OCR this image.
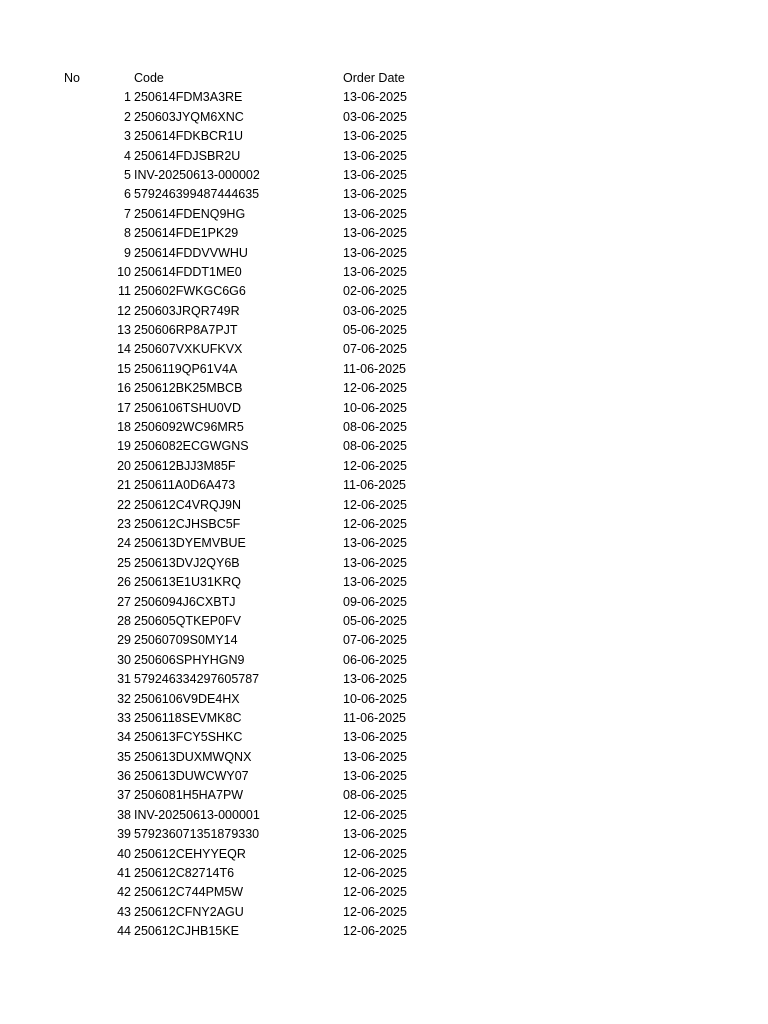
No	Code	Order Date
1 250614FDM3A3RE	13-06-2025
2 250603JYQM6XNC	03-06-2025
3 250614FDKBCR1U	13-06-2025
4 250614FDJSBR2U	13-06-2025
5 INV-20250613-000002	13-06-2025
6 579246399487444635	13-06-2025
7 250614FDENQ9HG	13-06-2025
8 250614FDE1PK29	13-06-2025
9 250614FDDVVWHU	13-06-2025
10 250614FDDT1ME0	13-06-2025
11 250602FWKGC6G6	02-06-2025
12 250603JRQR749R	03-06-2025
13 250606RP8A7PJT	05-06-2025
14 250607VXKUFKVX	07-06-2025
15 2506119QP61V4A	11-06-2025
16 250612BK25MBCB	12-06-2025
17 2506106TSHU0VD	10-06-2025
18 2506092WC96MR5	08-06-2025
19 2506082ECGWGNS	08-06-2025
20 250612BJJ3M85F	12-06-2025
21 250611A0D6A473	11-06-2025
22 250612C4VRQJ9N	12-06-2025
23 250612CJHSBC5F	12-06-2025
24 250613DYEMVBUE	13-06-2025
25 250613DVJ2QY6B	13-06-2025
26 250613E1U31KRQ	13-06-2025
27 2506094J6CXBTJ	09-06-2025
28 250605QTKEP0FV	05-06-2025
29 25060709S0MY14	07-06-2025
30 250606SPHYHGN9	06-06-2025
31 579246334297605787	13-06-2025
32 2506106V9DE4HX	10-06-2025
33 2506118SEVMK8C	11-06-2025
34 250613FCY5SHKC	13-06-2025
35 250613DUXMWQNX	13-06-2025
36 250613DUWCWY07	13-06-2025
37 2506081H5HA7PW	08-06-2025
38 INV-20250613-000001	12-06-2025
39 579236071351879330	13-06-2025
40 250612CEHYYEQR	12-06-2025
41 250612C82714T6	12-06-2025
42 250612C744PM5W	12-06-2025
43 250612CFNY2AGU	12-06-2025
44 250612CJHB15KE	12-06-2025
